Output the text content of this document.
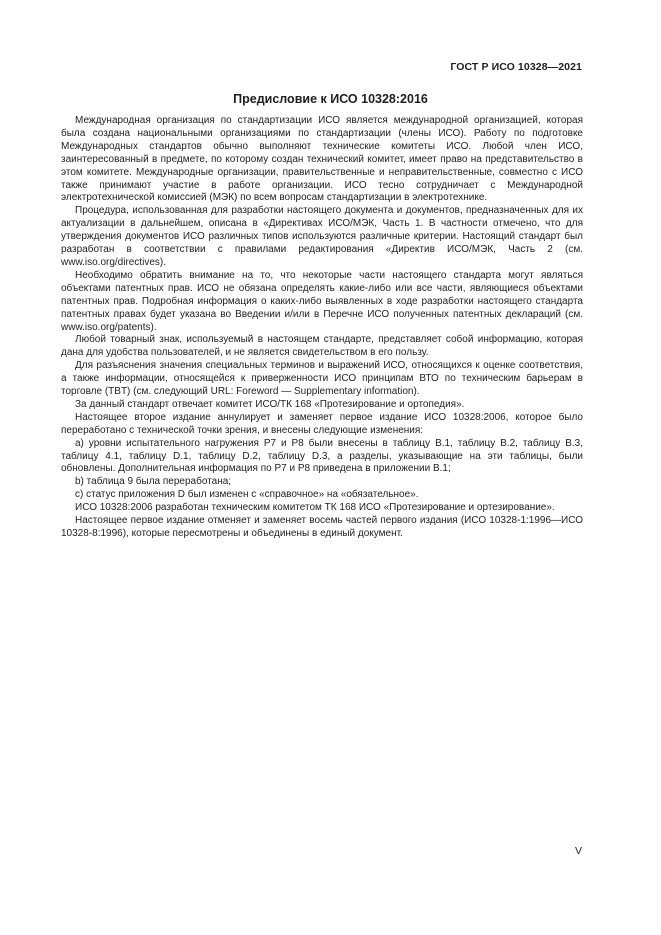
ГОСТ Р ИСО 10328—2021
Предисловие к ИСО 10328:2016

Международная организация по стандартизации ИСО является международной организацией, которая была создана национальными организациями по стандартизации (члены ИСО). Работу по подготовке Международных стандартов обычно выполняют технические комитеты ИСО. Любой член ИСО, заинтересованный в предмете, по которому создан технический комитет, имеет право на представительство в этом комитете. Международные организации, правительственные и неправительственные, совместно с ИСО также принимают участие в работе организации. ИСО тесно сотрудничает с Международной электротехнической комиссией (МЭК) по всем вопросам стандартизации в электротехнике.

Процедура, использованная для разработки настоящего документа и документов, предназначенных для их актуализации в дальнейшем, описана в «Директивах ИСО/МЭК, Часть 1. В частности отмечено, что для утверждения документов ИСО различных типов используются различные критерии. Настоящий стандарт был разработан в соответствии с правилами редактирования «Директив ИСО/МЭК, Часть 2 (см. www.iso.org/directives).

Необходимо обратить внимание на то, что некоторые части настоящего стандарта могут являться объектами патентных прав. ИСО не обязана определять какие-либо или все части, являющиеся объектами патентных прав. Подробная информация о каких-либо выявленных в ходе разработки настоящего стандарта патентных правах будет указана во Введении и/или в Перечне ИСО полученных патентных деклараций (см. www.iso.org/patents).

Любой товарный знак, используемый в настоящем стандарте, представляет собой информацию, которая дана для удобства пользователей, и не является свидетельством в его пользу.

Для разъяснения значения специальных терминов и выражений ИСО, относящихся к оценке соответствия, а также информации, относящейся к приверженности ИСО принципам ВТО по техническим барьерам в торговле (TBT) (см. следующий URL: Foreword — Supplementary information).

За данный стандарт отвечает комитет ИСО/ТК 168 «Протезирование и ортопедия».

Настоящее второе издание аннулирует и заменяет первое издание ИСО 10328:2006, которое было переработано с технической точки зрения, и внесены следующие изменения:

a) уровни испытательного нагружения P7 и P8 были внесены в таблицу B.1, таблицу B.2, таблицу B.3, таблицу 4.1, таблицу D.1, таблицу D.2, таблицу D.3, а разделы, указывающие на эти таблицы, были обновлены. Дополнительная информация по P7 и P8 приведена в приложении B.1;

b) таблица 9 была переработана;

c) статус приложения D был изменен с «справочное» на «обязательное».

ИСО 10328:2006 разработан техническим комитетом ТК 168 ИСО «Протезирование и ортезирование».

Настоящее первое издание отменяет и заменяет восемь частей первого издания (ИСО 10328-1:1996—ИСО 10328-8:1996), которые пересмотрены и объединены в единый документ.

V
